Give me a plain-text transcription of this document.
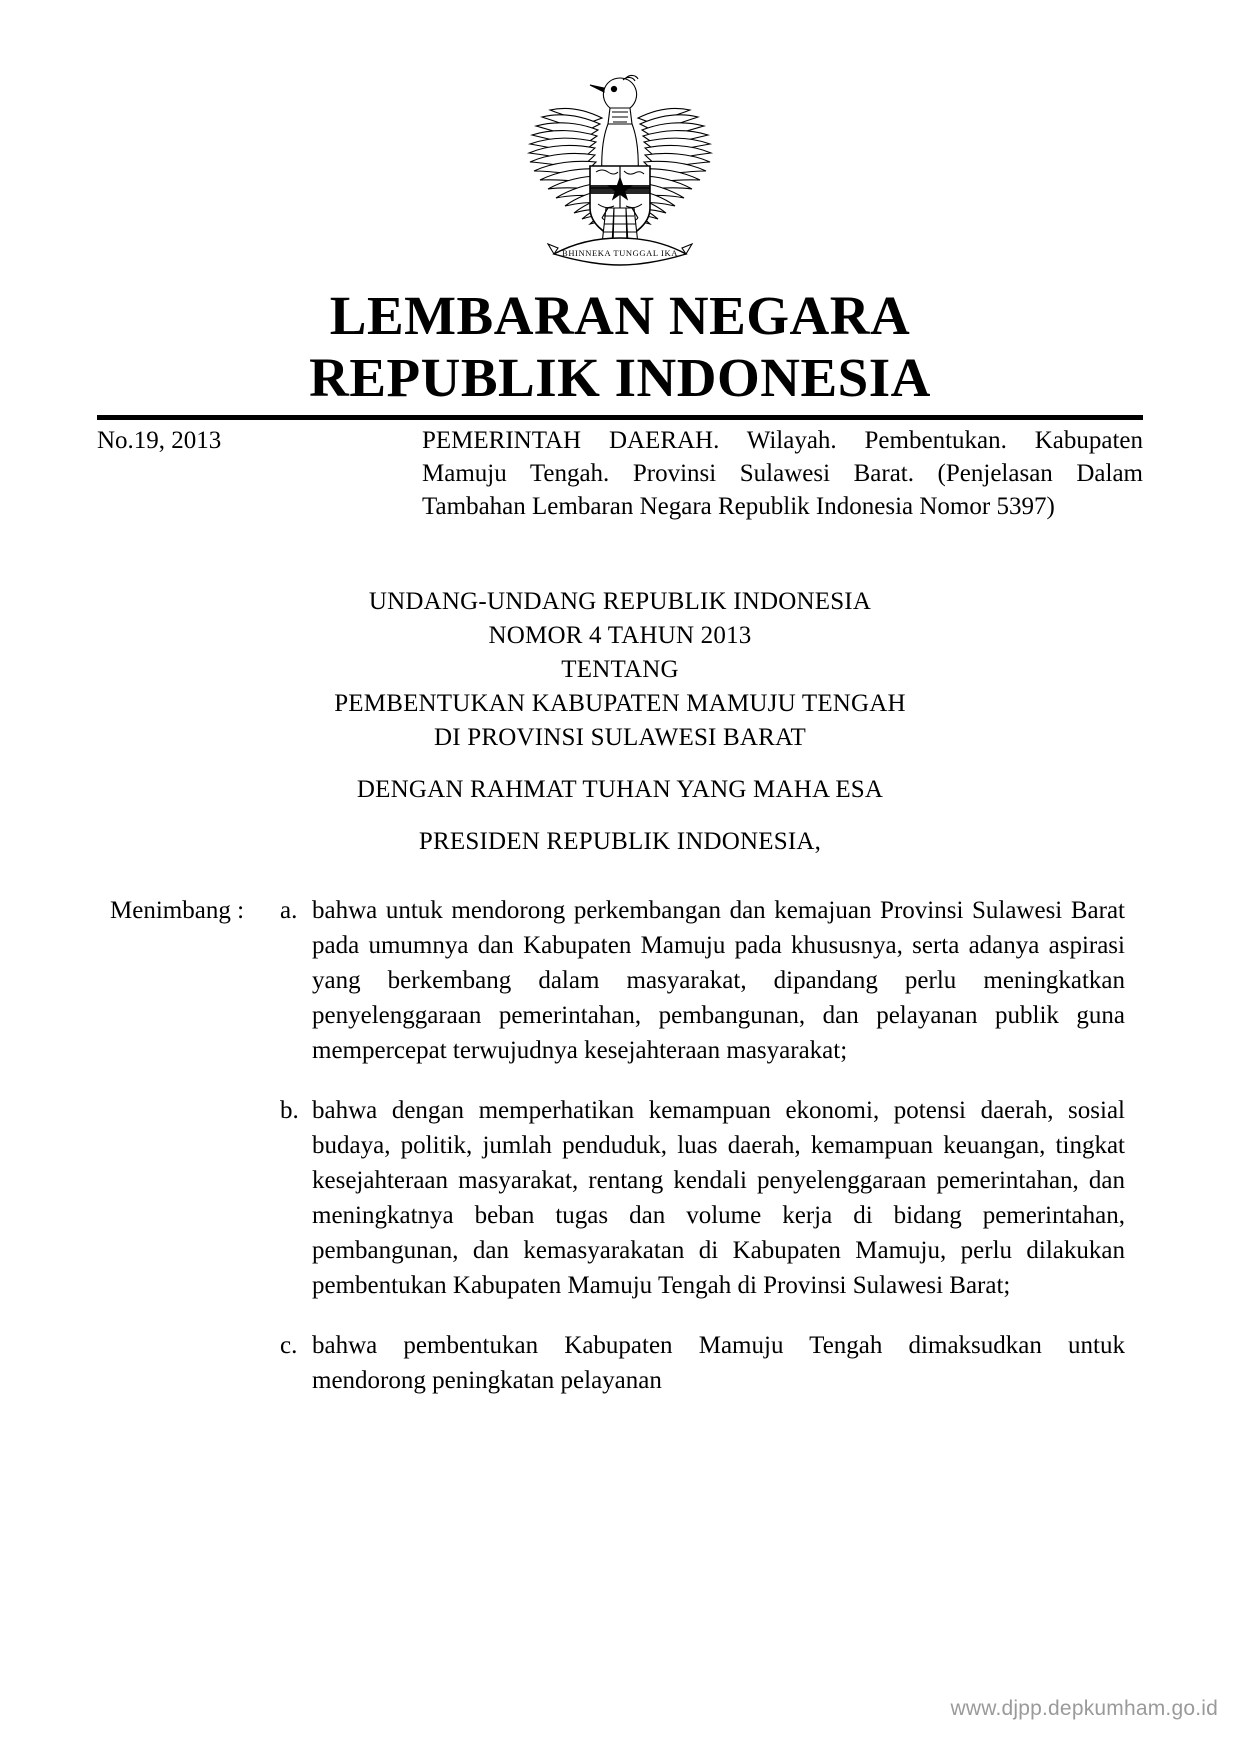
BHINNEKA TUNGGAL IKA
LEMBARAN NEGARA
REPUBLIK INDONESIA
No.19, 2013	PEMERINTAH DAERAH. Wilayah. Pembentukan. Kabupaten Mamuju Tengah. Provinsi Sulawesi Barat. (Penjelasan Dalam Tambahan Lembaran Negara Republik Indonesia Nomor 5397)
UNDANG-UNDANG REPUBLIK INDONESIA
NOMOR 4 TAHUN 2013
TENTANG
PEMBENTUKAN KABUPATEN MAMUJU TENGAH
DI PROVINSI SULAWESI BARAT
DENGAN RAHMAT TUHAN YANG MAHA ESA
PRESIDEN REPUBLIK INDONESIA,
Menimbang :	a. bahwa untuk mendorong perkembangan dan kemajuan Provinsi Sulawesi Barat pada umumnya dan Kabupaten Mamuju pada khususnya, serta adanya aspirasi yang berkembang dalam masyarakat, dipandang perlu meningkatkan penyelenggaraan pemerintahan, pembangunan, dan pelayanan publik guna mempercepat terwujudnya kesejahteraan masyarakat;
b. bahwa dengan memperhatikan kemampuan ekonomi, potensi daerah, sosial budaya, politik, jumlah penduduk, luas daerah, kemampuan keuangan, tingkat kesejahteraan masyarakat, rentang kendali penyelenggaraan pemerintahan, dan meningkatnya beban tugas dan volume kerja di bidang pemerintahan, pembangunan, dan kemasyarakatan di Kabupaten Mamuju, perlu dilakukan pembentukan Kabupaten Mamuju Tengah di Provinsi Sulawesi Barat;
c. bahwa pembentukan Kabupaten Mamuju Tengah dimaksudkan untuk mendorong peningkatan pelayanan
www.djpp.depkumham.go.id
